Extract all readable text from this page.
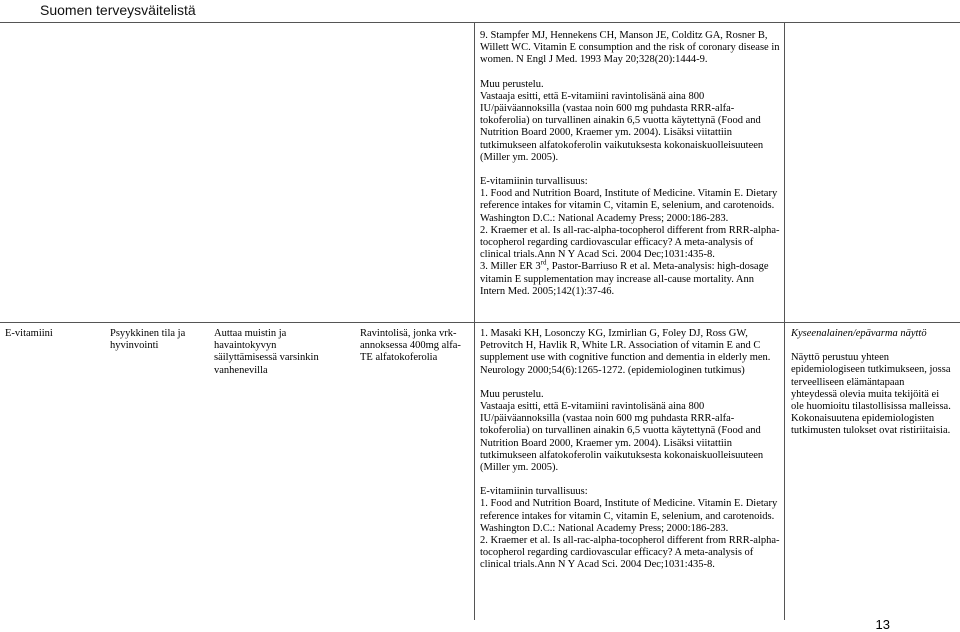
Suomen terveysväitelistä

9. Stampfer MJ, Hennekens CH, Manson JE, Colditz GA, Rosner B, Willett WC. Vitamin E consumption and the risk of coronary disease in women. N Engl J Med. 1993 May 20;328(20):1444-9.

Muu perustelu.

Vastaaja esitti, että E-vitamiini ravintolisänä aina 800 IU/päiväannoksilla (vastaa noin 600 mg puhdasta RRR-alfa-tokoferolia) on turvallinen ainakin 6,5 vuotta käytettynä (Food and Nutrition Board 2000, Kraemer ym. 2004). Lisäksi viitattiin tutkimukseen alfatokoferolin vaikutuksesta kokonaiskuolleisuuteen (Miller ym. 2005).

E-vitamiinin turvallisuus:

1. Food and Nutrition Board, Institute of Medicine. Vitamin E. Dietary reference intakes for vitamin C, vitamin E, selenium, and carotenoids. Washington D.C.: National Academy Press; 2000:186-283.

2. Kraemer et al. Is all-rac-alpha-tocopherol different from RRR-alpha-tocopherol regarding cardiovascular efficacy? A meta-analysis of clinical trials.Ann N Y Acad Sci. 2004 Dec;1031:435-8.

3. Miller ER 3rd, Pastor-Barriuso R et al. Meta-analysis: high-dosage vitamin E supplementation may increase all-cause mortality. Ann Intern Med. 2005;142(1):37-46.

E-vitamiini	Psyykkinen tila ja hyvinvointi
Auttaa muistin ja havaintokyvyn säilyttämisessä varsinkin vanhenevilla
Ravintolisä, jonka vrk-annoksessa 400mg alfa-TE alfatokoferolia

1. Masaki KH, Losonczy KG, Izmirlian G, Foley DJ, Ross GW, Petrovitch H, Havlik R, White LR. Association of vitamin E and C supplement use with cognitive function and dementia in elderly men. Neurology 2000;54(6):1265-1272. (epidemiologinen tutkimus)

Muu perustelu.

Vastaaja esitti, että E-vitamiini ravintolisänä aina 800 IU/päiväannoksilla (vastaa noin 600 mg puhdasta RRR-alfa-tokoferolia) on turvallinen ainakin 6,5 vuotta käytettynä (Food and Nutrition Board 2000, Kraemer ym. 2004). Lisäksi viitattiin tutkimukseen alfatokoferolin vaikutuksesta kokonaiskuolleisuuteen (Miller ym. 2005).

E-vitamiinin turvallisuus:

1. Food and Nutrition Board, Institute of Medicine. Vitamin E. Dietary reference intakes for vitamin C, vitamin E, selenium, and carotenoids. Washington D.C.: National Academy Press; 2000:186-283.

2. Kraemer et al. Is all-rac-alpha-tocopherol different from RRR-alpha-tocopherol regarding cardiovascular efficacy? A meta-analysis of clinical trials.Ann N Y Acad Sci. 2004 Dec;1031:435-8.

Kyseenalainen/epävarma näyttö

Näyttö perustuu yhteen epidemiologiseen tutkimukseen, jossa terveelliseen elämäntapaan yhteydessä olevia muita tekijöitä ei ole huomioitu tilastollisissa malleissa. Kokonaisuutena epidemiologisten tutkimusten tulokset ovat ristiriitaisia.

13
